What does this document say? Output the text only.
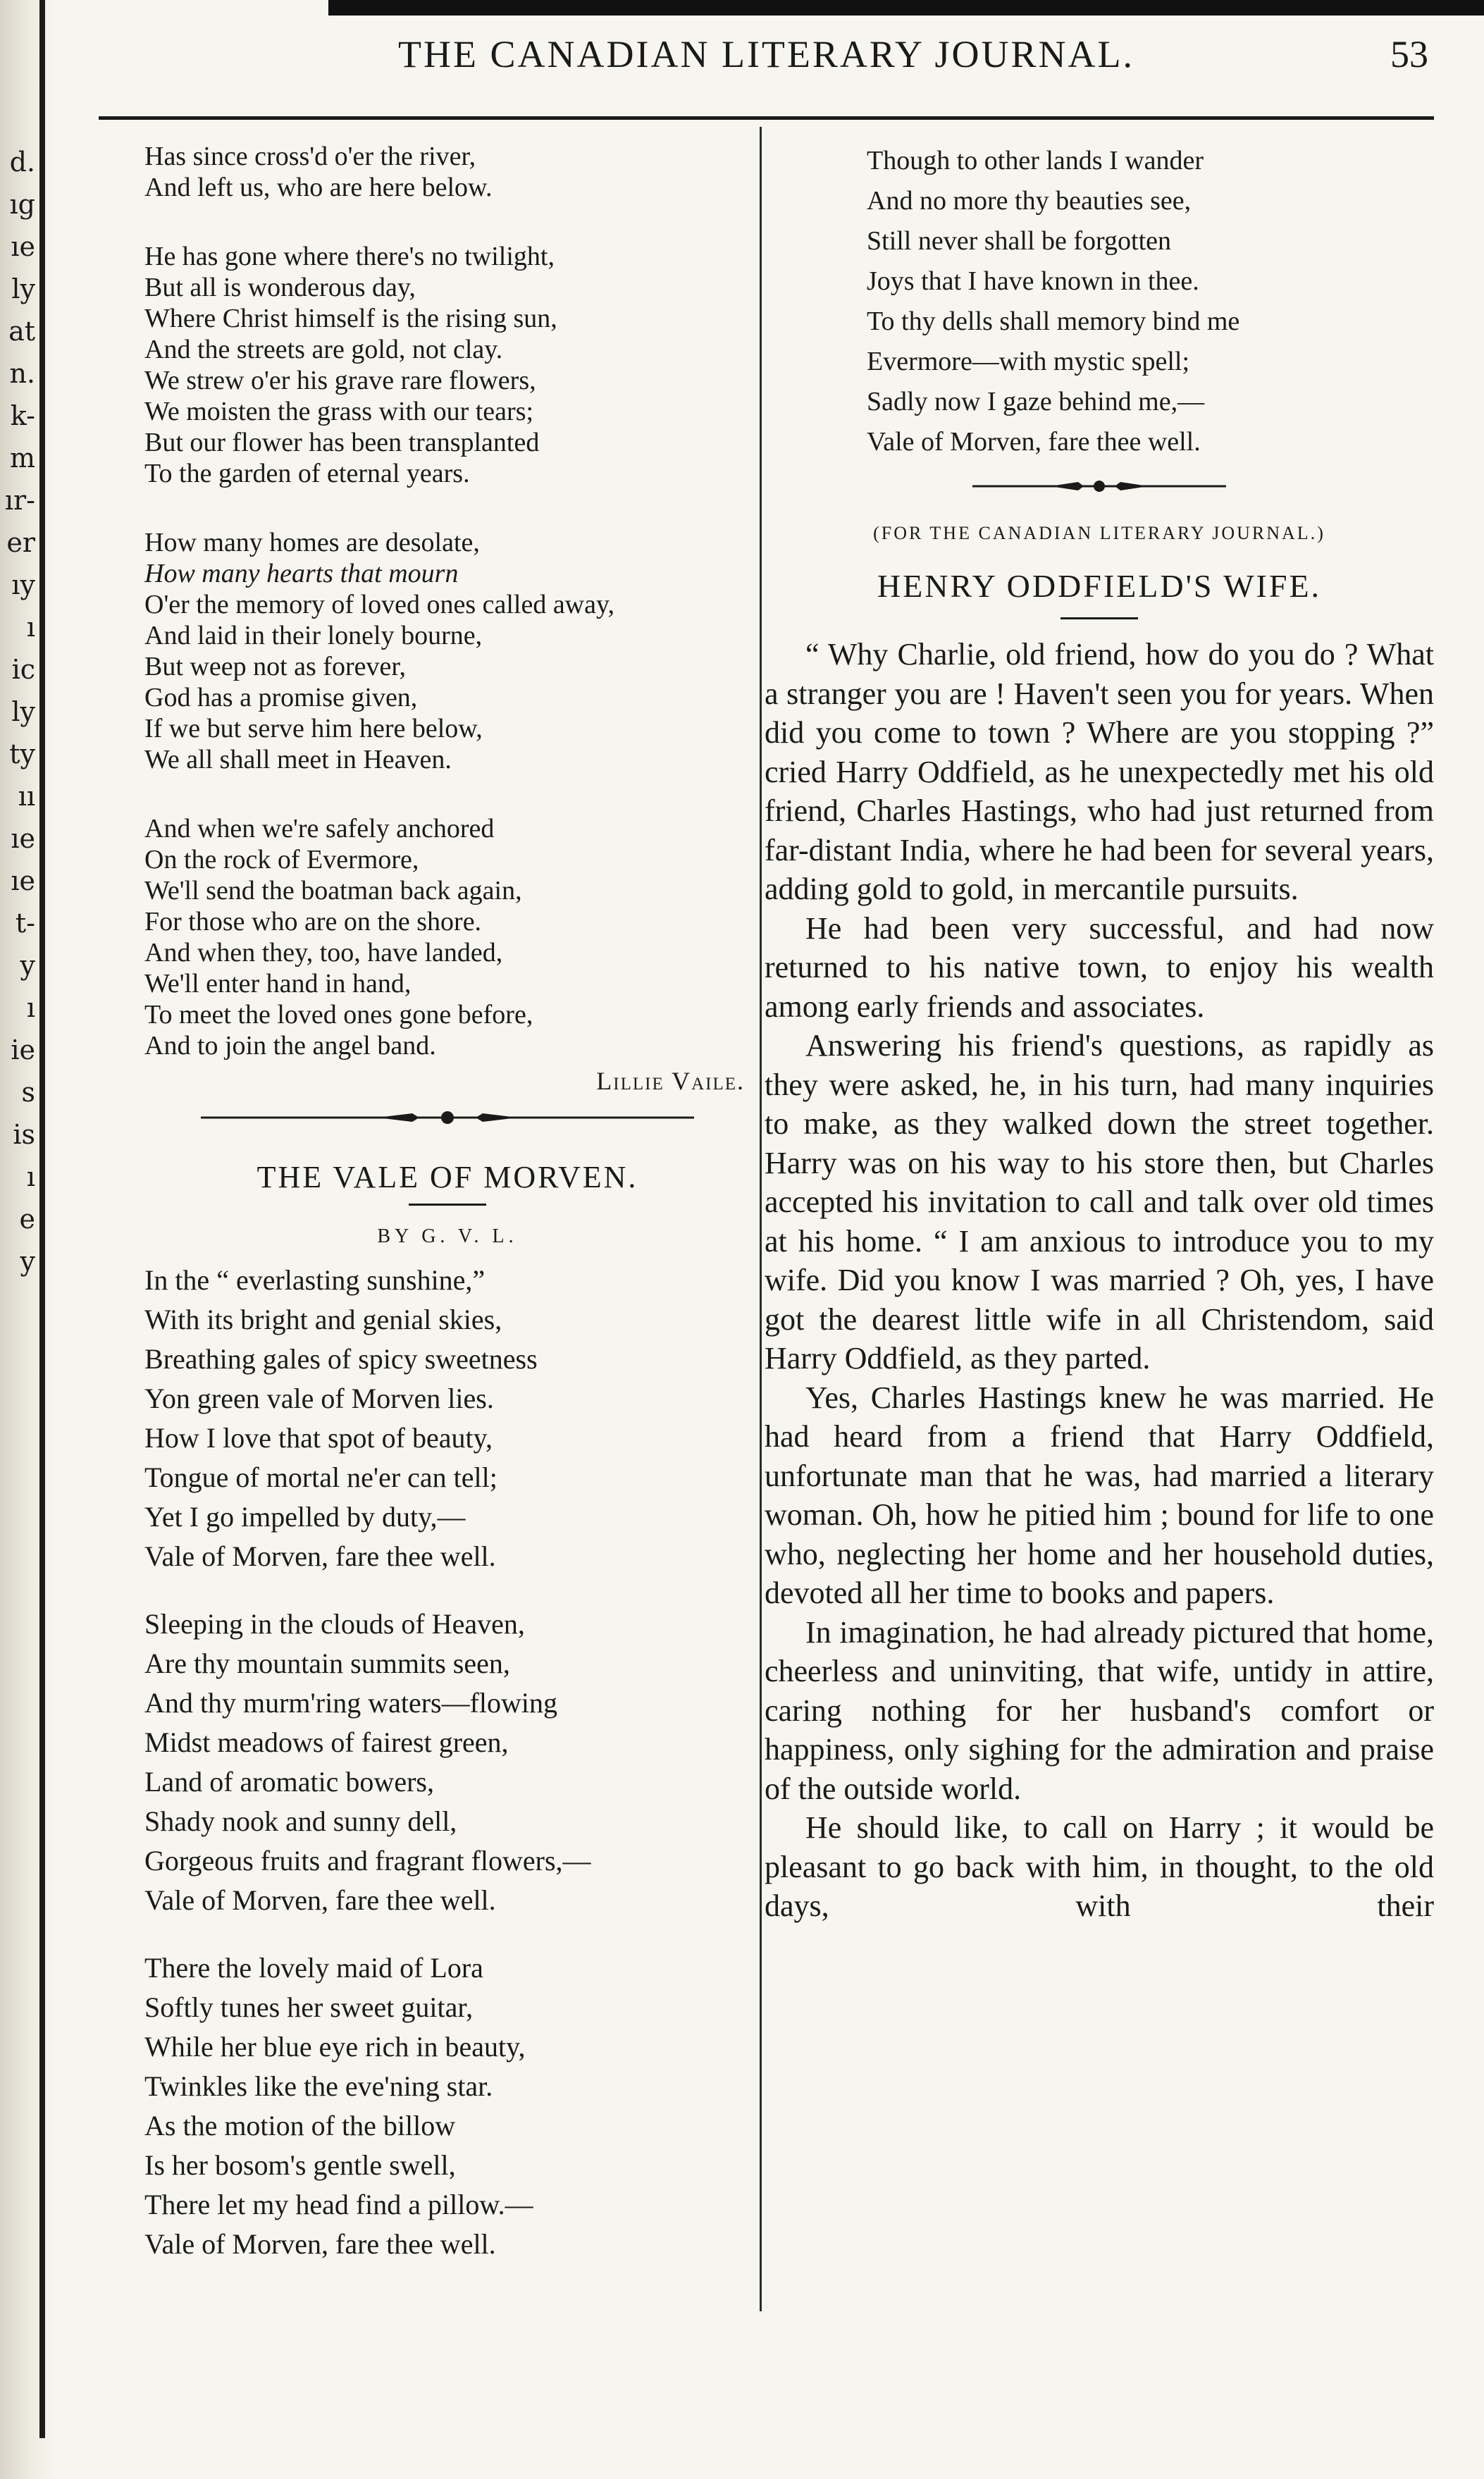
d.
ıg
ıe
ly
at
n.
k-
m
ır-
er
ıy
ı
ic
ly
ty
ıı
ıe
ıe
t-
y
ı
ie
s
is
ı
e
y
THE CANADIAN LITERARY JOURNAL.	53
Has since cross'd o'er the river,
And left us, who are here below.
He has gone where there's no twilight,
But all is wonderous day,
Where Christ himself is the rising sun,
And the streets are gold, not clay.
We strew o'er his grave rare flowers,
We moisten the grass with our tears;
But our flower has been transplanted
To the garden of eternal years.
How many homes are desolate,
How many hearts that mourn
O'er the memory of loved ones called away,
And laid in their lonely bourne,
But weep not as forever,
God has a promise given,
If we but serve him here below,
We all shall meet in Heaven.
And when we're safely anchored
On the rock of Evermore,
We'll send the boatman back again,
For those who are on the shore.
And when they, too, have landed,
We'll enter hand in hand,
To meet the loved ones gone before,
And to join the angel band.
Lillie Vaile.
THE VALE OF MORVEN.
BY G. V. L.
In the “ everlasting sunshine,”
With its bright and genial skies,
Breathing gales of spicy sweetness
Yon green vale of Morven lies.
How I love that spot of beauty,
Tongue of mortal ne'er can tell;
Yet I go impelled by duty,—
Vale of Morven, fare thee well.
Sleeping in the clouds of Heaven,
Are thy mountain summits seen,
And thy murm'ring waters—flowing
Midst meadows of fairest green,
Land of aromatic bowers,
Shady nook and sunny dell,
Gorgeous fruits and fragrant flowers,—
Vale of Morven, fare thee well.
There the lovely maid of Lora
Softly tunes her sweet guitar,
While her blue eye rich in beauty,
Twinkles like the eve'ning star.
As the motion of the billow
Is her bosom's gentle swell,
There let my head find a pillow.—
Vale of Morven, fare thee well.
Though to other lands I wander
And no more thy beauties see,
Still never shall be forgotten
Joys that I have known in thee.
To thy dells shall memory bind me
Evermore—with mystic spell;
Sadly now I gaze behind me,—
Vale of Morven, fare thee well.
(FOR THE CANADIAN LITERARY JOURNAL.)
HENRY ODDFIELD'S WIFE.

“ Why Charlie, old friend, how do you do ? What a stranger you are ! Haven't seen you for years. When did you come to town ? Where are you stopping ?” cried Harry Oddfield, as he unexpectedly met his old friend, Charles Hastings, who had just returned from far-distant India, where he had been for several years, adding gold to gold, in mercantile pursuits.

He had been very successful, and had now returned to his native town, to enjoy his wealth among early friends and associates.

Answering his friend's questions, as rapidly as they were asked, he, in his turn, had many inquiries to make, as they walked down the street together. Harry was on his way to his store then, but Charles accepted his invitation to call and talk over old times at his home. “ I am anxious to introduce you to my wife. Did you know I was married ? Oh, yes, I have got the dearest little wife in all Christendom, said Harry Oddfield, as they parted.

Yes, Charles Hastings knew he was married. He had heard from a friend that Harry Oddfield, unfortunate man that he was, had married a literary woman. Oh, how he pitied him ; bound for life to one who, neglecting her home and her household duties, devoted all her time to books and papers.

In imagination, he had already pictured that home, cheerless and uninviting, that wife, untidy in attire, caring nothing for her husband's comfort or happiness, only sighing for the admiration and praise of the outside world.

He should like, to call on Harry ; it would be pleasant to go back with him, in thought, to the old days, with their
